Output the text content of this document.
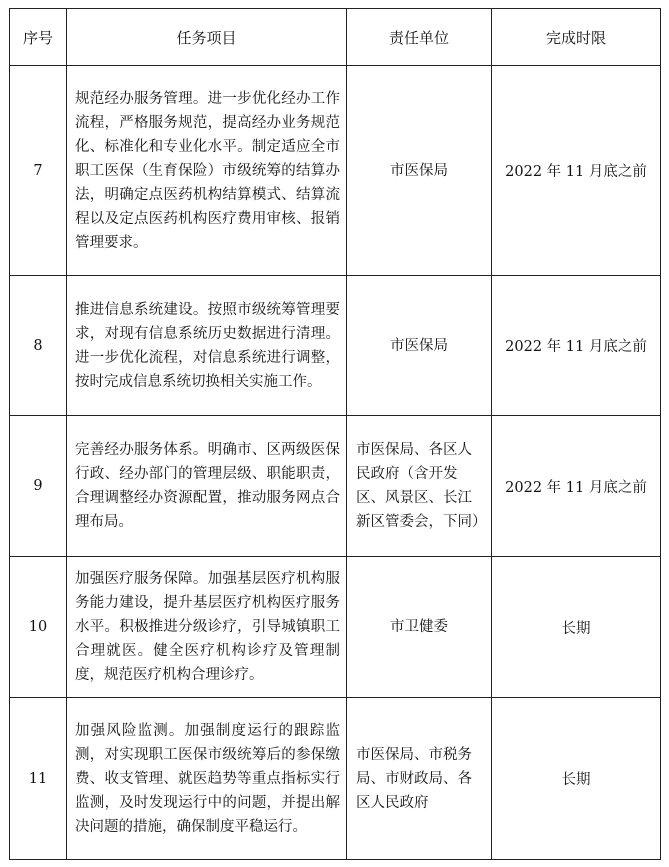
序号	任务项目	责任单位	完成时限
7	规范经办服务管理。进一步优化经办工作流程，严格服务规范，提高经办业务规范化、标准化和专业化水平。制定适应全市职工医保（生育保险）市级统筹的结算办法，明确定点医药机构结算模式、结算流程以及定点医药机构医疗费用审核、报销管理要求。	市医保局	2022 年 11 月底之前
8	推进信息系统建设。按照市级统筹管理要求，对现有信息系统历史数据进行清理。进一步优化流程，对信息系统进行调整，按时完成信息系统切换相关实施工作。	市医保局	2022 年 11 月底之前
9	完善经办服务体系。明确市、区两级医保行政、经办部门的管理层级、职能职责，合理调整经办资源配置，推动服务网点合理布局。	市医保局、各区人民政府（含开发区、风景区、长江新区管委会，下同）	2022 年 11 月底之前
10	加强医疗服务保障。加强基层医疗机构服务能力建设，提升基层医疗机构医疗服务水平。积极推进分级诊疗，引导城镇职工合理就医。健全医疗机构诊疗及管理制度，规范医疗机构合理诊疗。	市卫健委	长期
11	加强风险监测。加强制度运行的跟踪监测，对实现职工医保市级统筹后的参保缴费、收支管理、就医趋势等重点指标实行监测，及时发现运行中的问题，并提出解决问题的措施，确保制度平稳运行。	市医保局、市税务局、市财政局、各区人民政府	长期
